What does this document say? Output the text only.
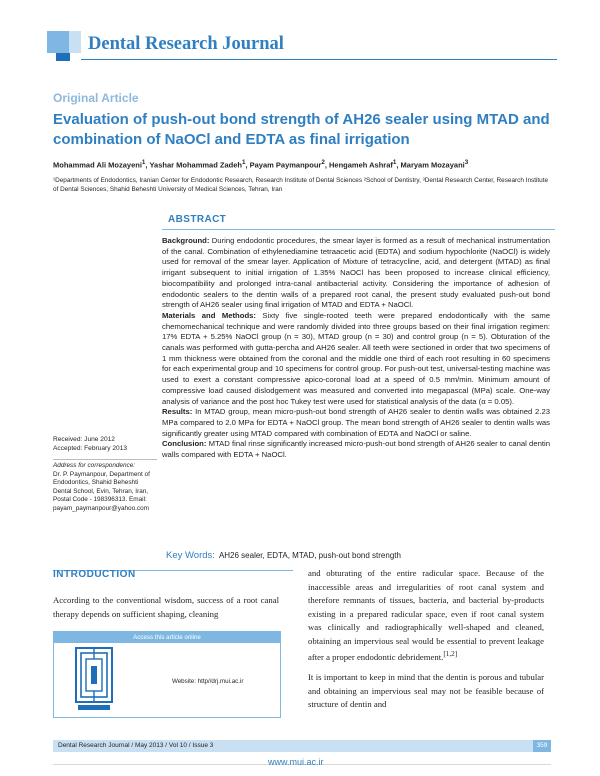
Dental Research Journal
Original Article
Evaluation of push-out bond strength of AH26 sealer using MTAD and combination of NaOCl and EDTA as final irrigation
Mohammad Ali Mozayeni$^1$, Yashar Mohammad Zadeh$^1$, Payam Paymanpour$^2$, Hengameh Ashraf$^1$, Maryam Mozayani$^3$
¹Departments of Endodontics, Iranian Center for Endodontic Research, Research Institute of Dental Sciences ²School of Dentistry, ³Dental Research Center, Research Institute of Dental Sciences, Shahid Beheshti University of Medical Sciences, Tehran, Iran
ABSTRACT

Background: During endodontic procedures, the smear layer is formed as a result of mechanical instrumentation of the canal. Combination of ethylenediamine tetraacetic acid (EDTA) and sodium hypochlorite (NaOCl) is widely used for removal of the smear layer. Application of Mixture of tetracycline, acid, and detergent (MTAD) as final irrigant subsequent to initial irrigation of 1.35% NaOCl has been proposed to increase clinical efficiency, biocompatibility and prolonged intra-canal antibacterial activity. Considering the importance of adhesion of endodontic sealers to the dentin walls of a prepared root canal, the present study evaluated push-out bond strength of AH26 sealer using final irrigation of MTAD and EDTA + NaOCl.

Materials and Methods: Sixty five single-rooted teeth were prepared endodontically with the same chemomechanical technique and were randomly divided into three groups based on their final irrigation regimen: 17% EDTA + 5.25% NaOCl group (n = 30), MTAD group (n = 30) and control group (n = 5). Obturation of the canals was performed with gutta-percha and AH26 sealer. All teeth were sectioned in order that two specimens of 1 mm thickness were obtained from the coronal and the middle one third of each root resulting in 60 specimens for each experimental group and 10 specimens for control group. For push-out test, universal-testing machine was used to exert a constant compressive apico-coronal load at a speed of 0.5 mm/min. Minimum amount of compressive load caused dislodgement was measured and converted into megapascal (MPa) scale. One-way analysis of variance and the post hoc Tukey test were used for statistical analysis of the data (α = 0.05).

Results: In MTAD group, mean micro-push-out bond strength of AH26 sealer to dentin walls was obtained 2.23 MPa compared to 2.0 MPa for EDTA + NaOCl group. The mean bond strength of AH26 sealer to dentin walls was significantly greater using MTAD compared with combination of EDTA and NaOCl or saline.

Conclusion: MTAD final rinse significantly increased micro-push-out bond strength of AH26 sealer to canal dentin walls compared with EDTA + NaOCl.

Key Words: AH26 sealer, EDTA, MTAD, push-out bond strength
Received: June 2012
Accepted: February 2013
Address for correspondence:
Dr. P. Paymanpour, Department of Endodontics, Shahid Beheshti Dental School, Evin, Tehran, Iran, Postal Code - 198396313. Email: payam_paymanpour@yahoo.com
INTRODUCTION
According to the conventional wisdom, success of a root canal therapy depends on sufficient shaping, cleaning

and obturating of the entire radicular space. Because of the inaccessible areas and irregularities of root canal system and therefore remnants of tissues, bacteria, and bacterial by-products existing in a prepared radicular space, even if root canal system was clinically and radiographically well-shaped and cleaned, obtaining an impervious seal would be essential to prevent leakage after a proper endodontic debridement.[1,2]

It is important to keep in mind that the dentin is porous and tubular and obtaining an impervious seal may not be feasible because of structure of dentin and

Access this article online
Website: http//drj.mui.ac.ir
Dental Research Journal / May 2013 / Vol 10 / Issue 3	359
www.mui.ac.ir
